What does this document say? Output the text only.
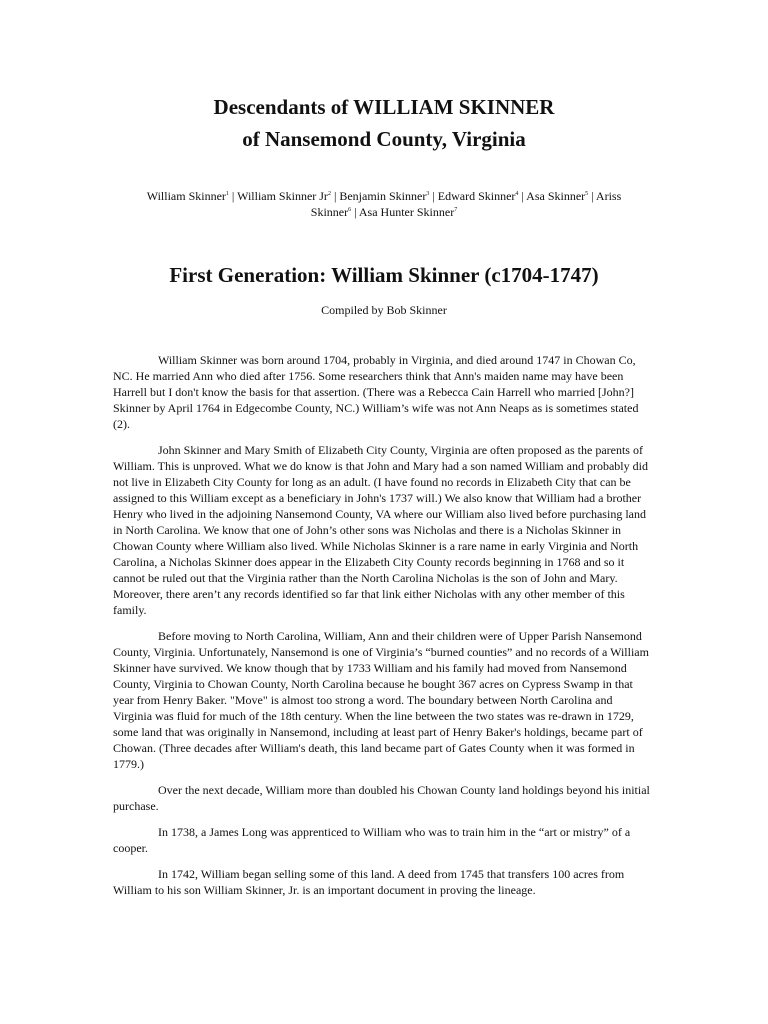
Descendants of WILLIAM SKINNER
of Nansemond County, Virginia
William Skinner$^1$ | William Skinner Jr$^2$ | Benjamin Skinner$^3$ | Edward Skinner$^4$ | Asa Skinner$^5$ | Ariss Skinner$^6$ | Asa Hunter Skinner$^7$
First Generation: William Skinner (c1704-1747)
Compiled by Bob Skinner

William Skinner was born around 1704, probably in Virginia, and died around 1747 in Chowan Co, NC. He married Ann who died after 1756. Some researchers think that Ann's maiden name may have been Harrell but I don't know the basis for that assertion. (There was a Rebecca Cain Harrell who married [John?] Skinner by April 1764 in Edgecombe County, NC.) William’s wife was not Ann Neaps as is sometimes stated (2).

John Skinner and Mary Smith of Elizabeth City County, Virginia are often proposed as the parents of William. This is unproved. What we do know is that John and Mary had a son named William and probably did not live in Elizabeth City County for long as an adult. (I have found no records in Elizabeth City that can be assigned to this William except as a beneficiary in John's 1737 will.) We also know that William had a brother Henry who lived in the adjoining Nansemond County, VA where our William also lived before purchasing land in North Carolina. We know that one of John’s other sons was Nicholas and there is a Nicholas Skinner in Chowan County where William also lived. While Nicholas Skinner is a rare name in early Virginia and North Carolina, a Nicholas Skinner does appear in the Elizabeth City County records beginning in 1768 and so it cannot be ruled out that the Virginia rather than the North Carolina Nicholas is the son of John and Mary. Moreover, there aren’t any records identified so far that link either Nicholas with any other member of this family.

Before moving to North Carolina, William, Ann and their children were of Upper Parish Nansemond County, Virginia. Unfortunately, Nansemond is one of Virginia’s “burned counties” and no records of a William Skinner have survived. We know though that by 1733 William and his family had moved from Nansemond County, Virginia to Chowan County, North Carolina because he bought 367 acres on Cypress Swamp in that year from Henry Baker. "Move" is almost too strong a word. The boundary between North Carolina and Virginia was fluid for much of the 18th century. When the line between the two states was re-drawn in 1729, some land that was originally in Nansemond, including at least part of Henry Baker's holdings, became part of Chowan. (Three decades after William's death, this land became part of Gates County when it was formed in 1779.)

Over the next decade, William more than doubled his Chowan County land holdings beyond his initial purchase.

In 1738, a James Long was apprenticed to William who was to train him in the “art or mistry” of a cooper.

In 1742, William began selling some of this land. A deed from 1745 that transfers 100 acres from William to his son William Skinner, Jr. is an important document in proving the lineage.
